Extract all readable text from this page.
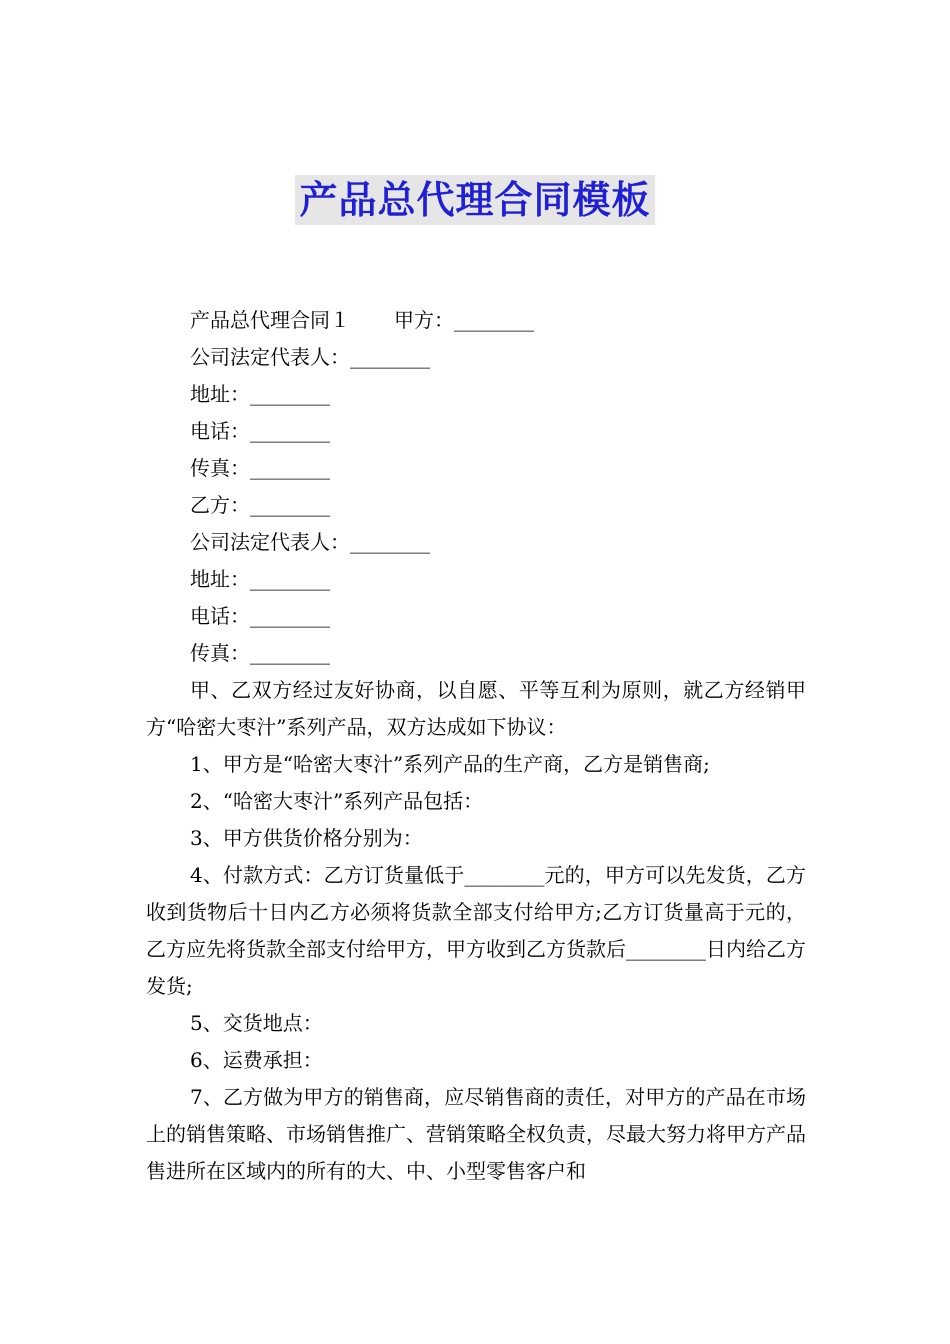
产品总代理合同模板
产品总代理合同１ 甲方：________
公司法定代表人：________
地址：________
电话：________
传真：________
乙方：________
公司法定代表人：________
地址：________
电话：________
传真：________
甲、乙双方经过友好协商，以自愿、平等互利为原则，就乙方经销甲方“哈密大枣汁”系列产品，双方达成如下协议：
1、甲方是“哈密大枣汁”系列产品的生产商，乙方是销售商;
2、“哈密大枣汁”系列产品包括：
3、甲方供货价格分别为：
4、付款方式：乙方订货量低于________元的，甲方可以先发货，乙方收到货物后十日内乙方必须将货款全部支付给甲方;乙方订货量高于元的，乙方应先将货款全部支付给甲方，甲方收到乙方货款后________日内给乙方发货;
5、交货地点：
6、运费承担：
7、乙方做为甲方的销售商，应尽销售商的责任，对甲方的产品在市场上的销售策略、市场销售推广、营销策略全权负责，尽最大努力将甲方产品售进所在区域内的所有的大、中、小型零售客户和
